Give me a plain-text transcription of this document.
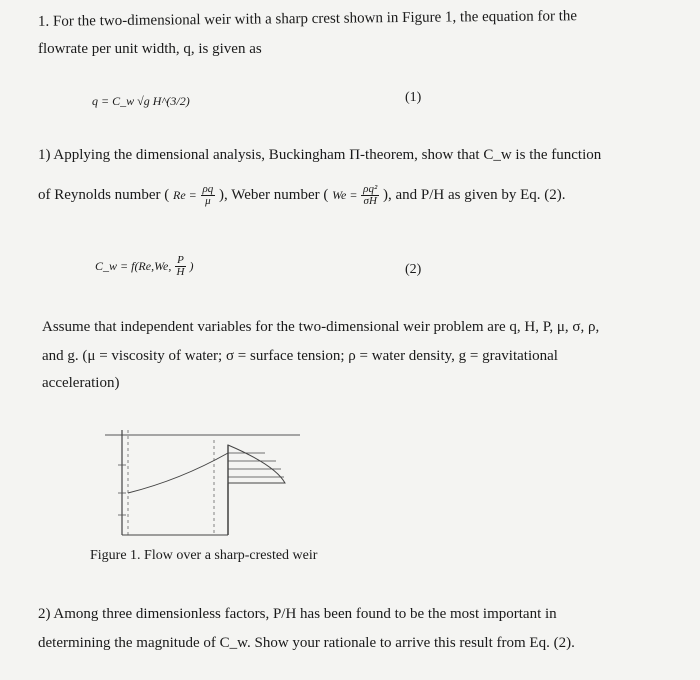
1. For the two-dimensional weir with a sharp crest shown in Figure 1, the equation for the
flowrate per unit width, q, is given as
q = C_w √g H^(3/2)	(1)
1) Applying the dimensional analysis, Buckingham Π-theorem, show that C_w is the function
of Reynolds number ( $Re = \frac{\rho q}{\mu}$ ), Weber number ( $We = \frac{\text{ρq²}}{\sigma H}$ ), and P/H as given by Eq. (2).
C_w = f(Re,We, $\frac{P}{H}$ )	(2)
Assume that independent variables for the two-dimensional weir problem are q, H, P, μ, σ, ρ,
and g. (μ = viscosity of water; σ = surface tension; ρ = water density, g = gravitational
acceleration)
Figure 1. Flow over a sharp-crested weir
2) Among three dimensionless factors, P/H has been found to be the most important in
determining the magnitude of C_w. Show your rationale to arrive this result from Eq. (2).
